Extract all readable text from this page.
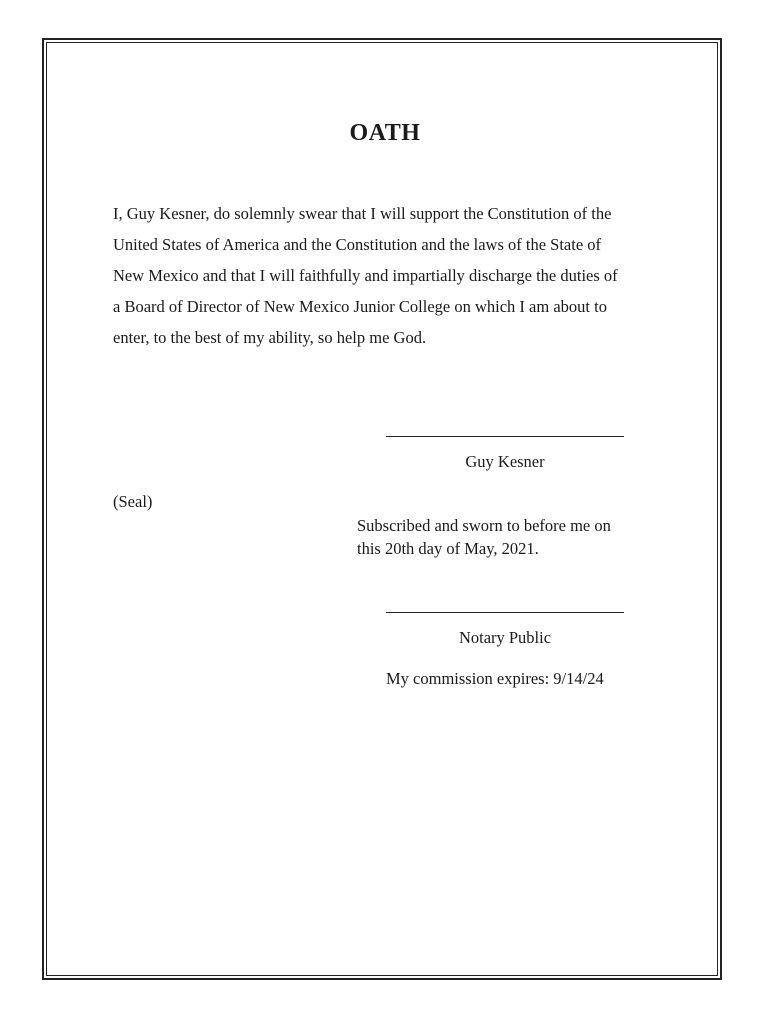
OATH

I, Guy Kesner, do solemnly swear that I will support the Constitution of the
United States of America and the Constitution and the laws of the State of
New Mexico and that I will faithfully and impartially discharge the duties of
a Board of Director of New Mexico Junior College on which I am about to
enter, to the best of my ability, so help me God.

Guy Kesner
(Seal)
Subscribed and sworn to before me on
this 20th day of May, 2021.
Notary Public
My commission expires: 9/14/24
